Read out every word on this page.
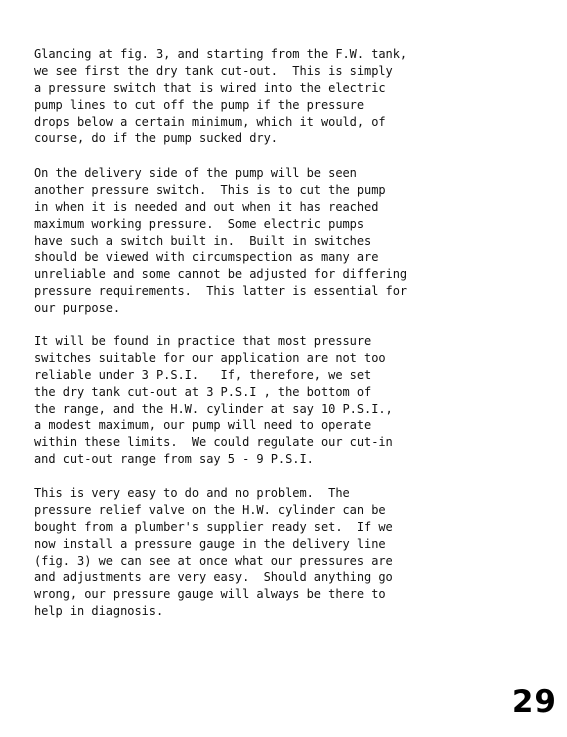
Glancing at fig. 3, and starting from the F.W. tank,
we see first the dry tank cut-out.  This is simply
a pressure switch that is wired into the electric
pump lines to cut off the pump if the pressure
drops below a certain minimum, which it would, of
course, do if the pump sucked dry.
On the delivery side of the pump will be seen
another pressure switch.  This is to cut the pump
in when it is needed and out when it has reached
maximum working pressure.  Some electric pumps
have such a switch built in.  Built in switches
should be viewed with circumspection as many are
unreliable and some cannot be adjusted for differing
pressure requirements.  This latter is essential for
our purpose.
It will be found in practice that most pressure
switches suitable for our application are not too
reliable under 3 P.S.I.   If, therefore, we set
the dry tank cut-out at 3 P.S.I , the bottom of
the range, and the H.W. cylinder at say 10 P.S.I.,
a modest maximum, our pump will need to operate
within these limits.  We could regulate our cut-in
and cut-out range from say 5 - 9 P.S.I.
This is very easy to do and no problem.  The
pressure relief valve on the H.W. cylinder can be
bought from a plumber's supplier ready set.  If we
now install a pressure gauge in the delivery line
(fig. 3) we can see at once what our pressures are
and adjustments are very easy.  Should anything go
wrong, our pressure gauge will always be there to
help in diagnosis.
29
